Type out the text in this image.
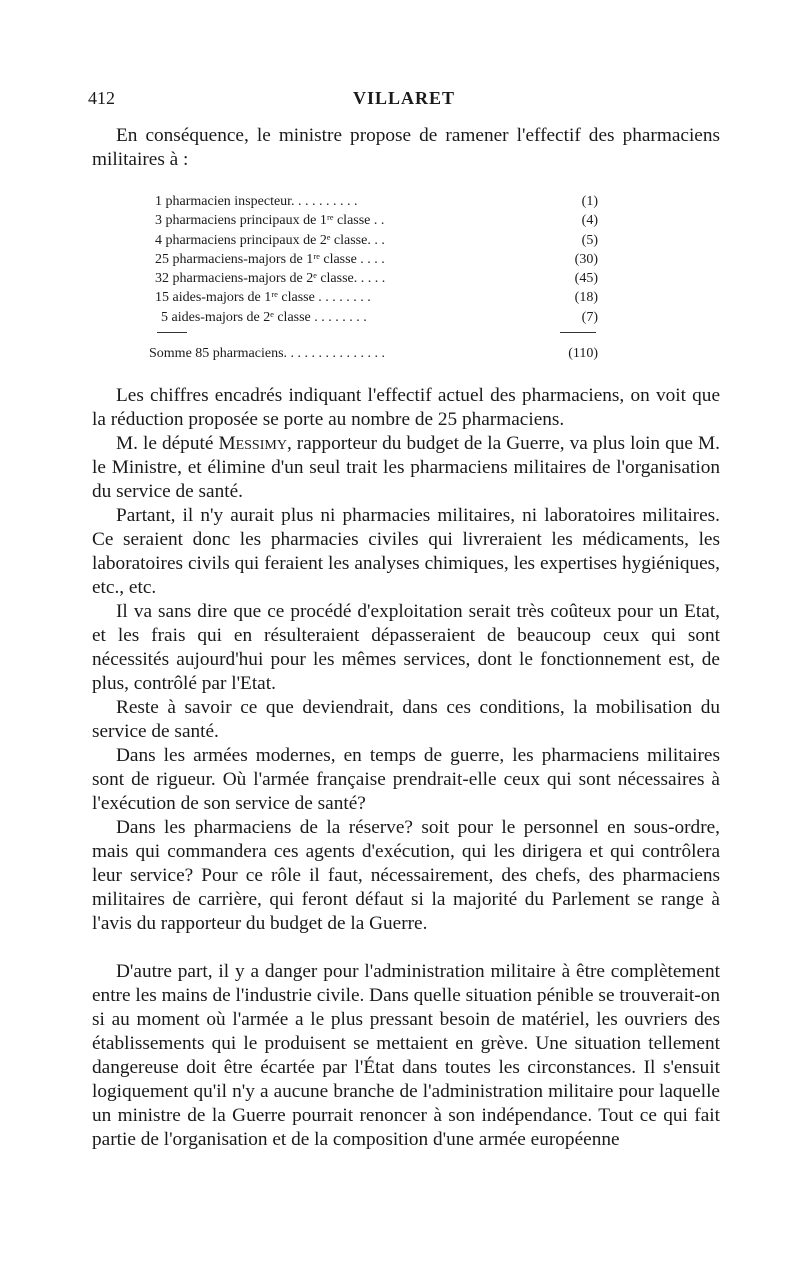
412	VILLARET

En conséquence, le ministre propose de ramener l'effectif des pharmaciens militaires à :

1 pharmacien inspecteur. . . . . . . . . .	(1)
3 pharmaciens principaux de 1ʳᵉ classe . .	(4)
4 pharmaciens principaux de 2ᵉ classe. . .	(5)
25 pharmaciens-majors de 1ʳᵉ classe . . . .	(30)
32 pharmaciens-majors de 2ᵉ classe. . . . .	(45)
15 aides-majors de 1ʳᵉ classe . . . . . . . .	(18)
5 aides-majors de 2ᵉ classe . . . . . . . .	(7)
Somme 85 pharmaciens. . . . . . . . . . . . . . .	(110)

Les chiffres encadrés indiquant l'effectif actuel des pharmaciens, on voit que la réduction proposée se porte au nombre de 25 pharmaciens.

M. le député Messimy, rapporteur du budget de la Guerre, va plus loin que M. le Ministre, et élimine d'un seul trait les pharmaciens militaires de l'organisation du service de santé.

Partant, il n'y aurait plus ni pharmacies militaires, ni laboratoires militaires. Ce seraient donc les pharmacies civiles qui livreraient les médicaments, les laboratoires civils qui feraient les analyses chimiques, les expertises hygiéniques, etc., etc.

Il va sans dire que ce procédé d'exploitation serait très coûteux pour un Etat, et les frais qui en résulteraient dépasseraient de beaucoup ceux qui sont nécessités aujourd'hui pour les mêmes services, dont le fonctionnement est, de plus, contrôlé par l'Etat.

Reste à savoir ce que deviendrait, dans ces conditions, la mobilisation du service de santé.

Dans les armées modernes, en temps de guerre, les pharmaciens militaires sont de rigueur. Où l'armée française prendrait-elle ceux qui sont nécessaires à l'exécution de son service de santé?

Dans les pharmaciens de la réserve? soit pour le personnel en sous-ordre, mais qui commandera ces agents d'exécution, qui les dirigera et qui contrôlera leur service? Pour ce rôle il faut, nécessairement, des chefs, des pharmaciens militaires de carrière, qui feront défaut si la majorité du Parlement se range à l'avis du rapporteur du budget de la Guerre.

D'autre part, il y a danger pour l'administration militaire à être complètement entre les mains de l'industrie civile. Dans quelle situation pénible se trouverait-on si au moment où l'armée a le plus pressant besoin de matériel, les ouvriers des établissements qui le produisent se mettaient en grève. Une situation tellement dangereuse doit être écartée par l'État dans toutes les circonstances. Il s'ensuit logiquement qu'il n'y a aucune branche de l'administration militaire pour laquelle un ministre de la Guerre pourrait renoncer à son indépendance. Tout ce qui fait partie de l'organisation et de la composition d'une armée européenne
